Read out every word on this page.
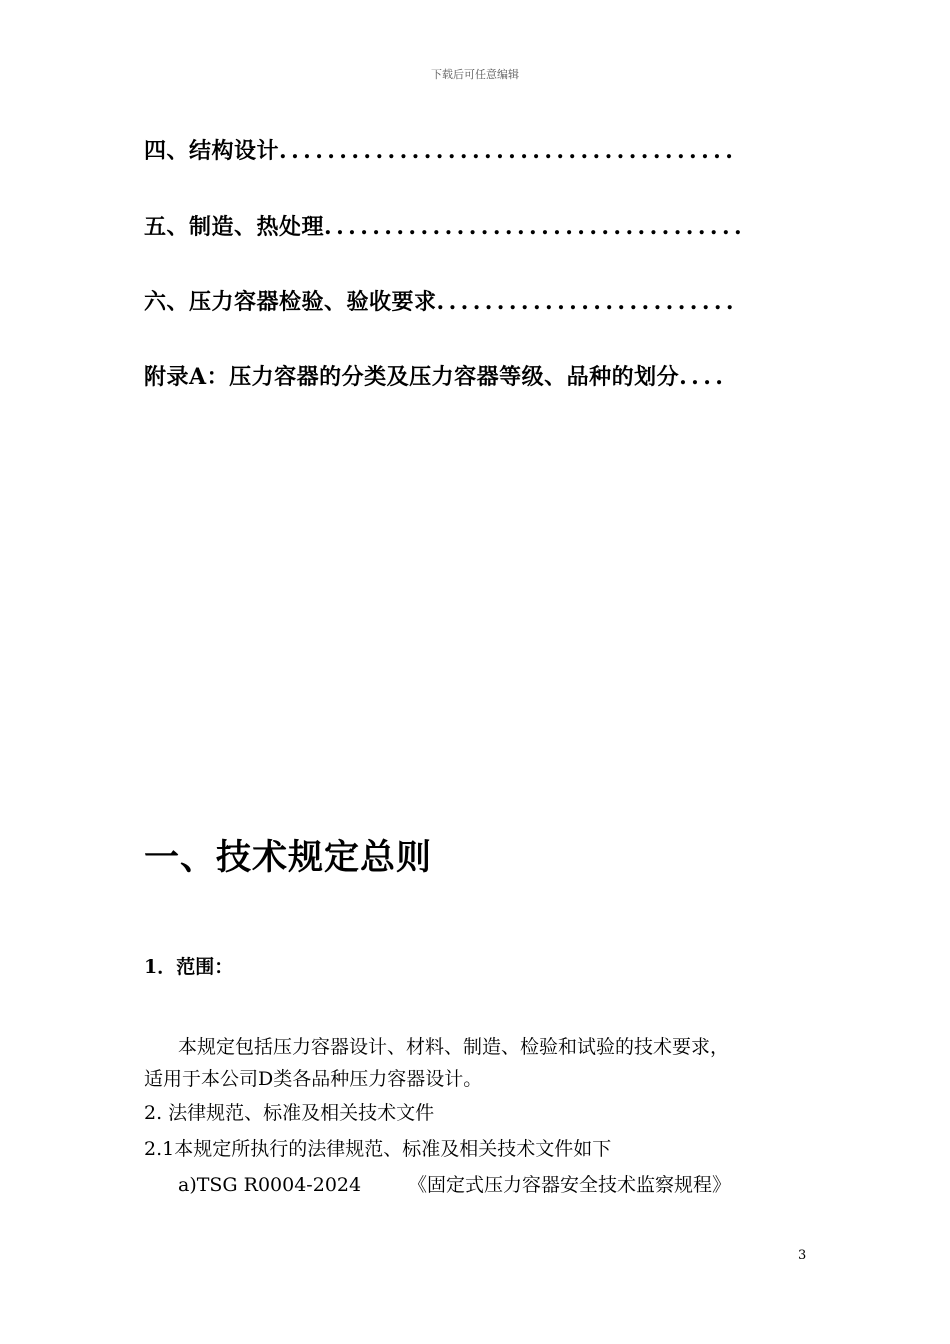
下载后可任意编辑
四、结构设计......................................
五、制造、热处理...................................
六、压力容器检验、验收要求.........................
附录A：压力容器的分类及压力容器等级、品种的划分....
一、技术规定总则
1．范围：
本规定包括压力容器设计、材料、制造、检验和试验的技术要求，
适用于本公司D类各品种压力容器设计。
2. 法律规范、标准及相关技术文件
2.1本规定所执行的法律规范、标准及相关技术文件如下
a)TSG R0004-2024 《固定式压力容器安全技术监察规程》
3
